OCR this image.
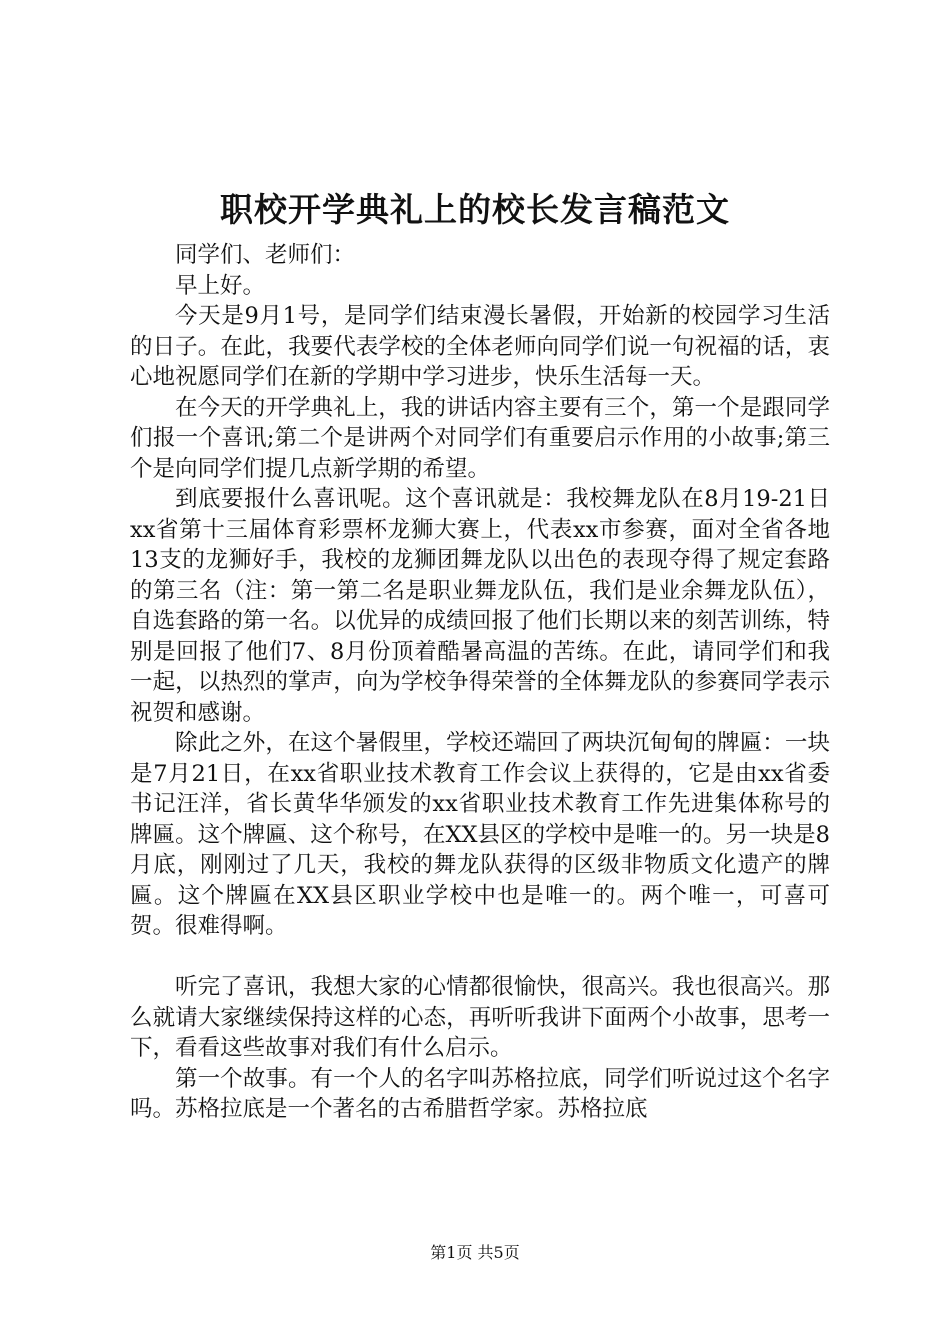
职校开学典礼上的校长发言稿范文

同学们、老师们：

早上好。

今天是9月1号，是同学们结束漫长暑假，开始新的校园学习生活的日子。在此，我要代表学校的全体老师向同学们说一句祝福的话，衷心地祝愿同学们在新的学期中学习进步，快乐生活每一天。

在今天的开学典礼上，我的讲话内容主要有三个，第一个是跟同学们报一个喜讯;第二个是讲两个对同学们有重要启示作用的小故事;第三个是向同学们提几点新学期的希望。

到底要报什么喜讯呢。这个喜讯就是：我校舞龙队在8月19-21日xx省第十三届体育彩票杯龙狮大赛上，代表xx市参赛，面对全省各地13支的龙狮好手，我校的龙狮团舞龙队以出色的表现夺得了规定套路的第三名（注：第一第二名是职业舞龙队伍，我们是业余舞龙队伍），自选套路的第一名。以优异的成绩回报了他们长期以来的刻苦训练，特别是回报了他们7、8月份顶着酷暑高温的苦练。在此，请同学们和我一起，以热烈的掌声，向为学校争得荣誉的全体舞龙队的参赛同学表示祝贺和感谢。

除此之外，在这个暑假里，学校还端回了两块沉甸甸的牌匾：一块是7月21日，在xx省职业技术教育工作会议上获得的，它是由xx省委书记汪洋，省长黄华华颁发的xx省职业技术教育工作先进集体称号的牌匾。这个牌匾、这个称号，在XX县区的学校中是唯一的。另一块是8月底，刚刚过了几天，我校的舞龙队获得的区级非物质文化遗产的牌匾。这个牌匾在XX县区职业学校中也是唯一的。两个唯一，可喜可贺。很难得啊。

听完了喜讯，我想大家的心情都很愉快，很高兴。我也很高兴。那么就请大家继续保持这样的心态，再听听我讲下面两个小故事，思考一下，看看这些故事对我们有什么启示。

第一个故事。有一个人的名字叫苏格拉底，同学们听说过这个名字吗。苏格拉底是一个著名的古希腊哲学家。苏格拉底

第1页 共5页
